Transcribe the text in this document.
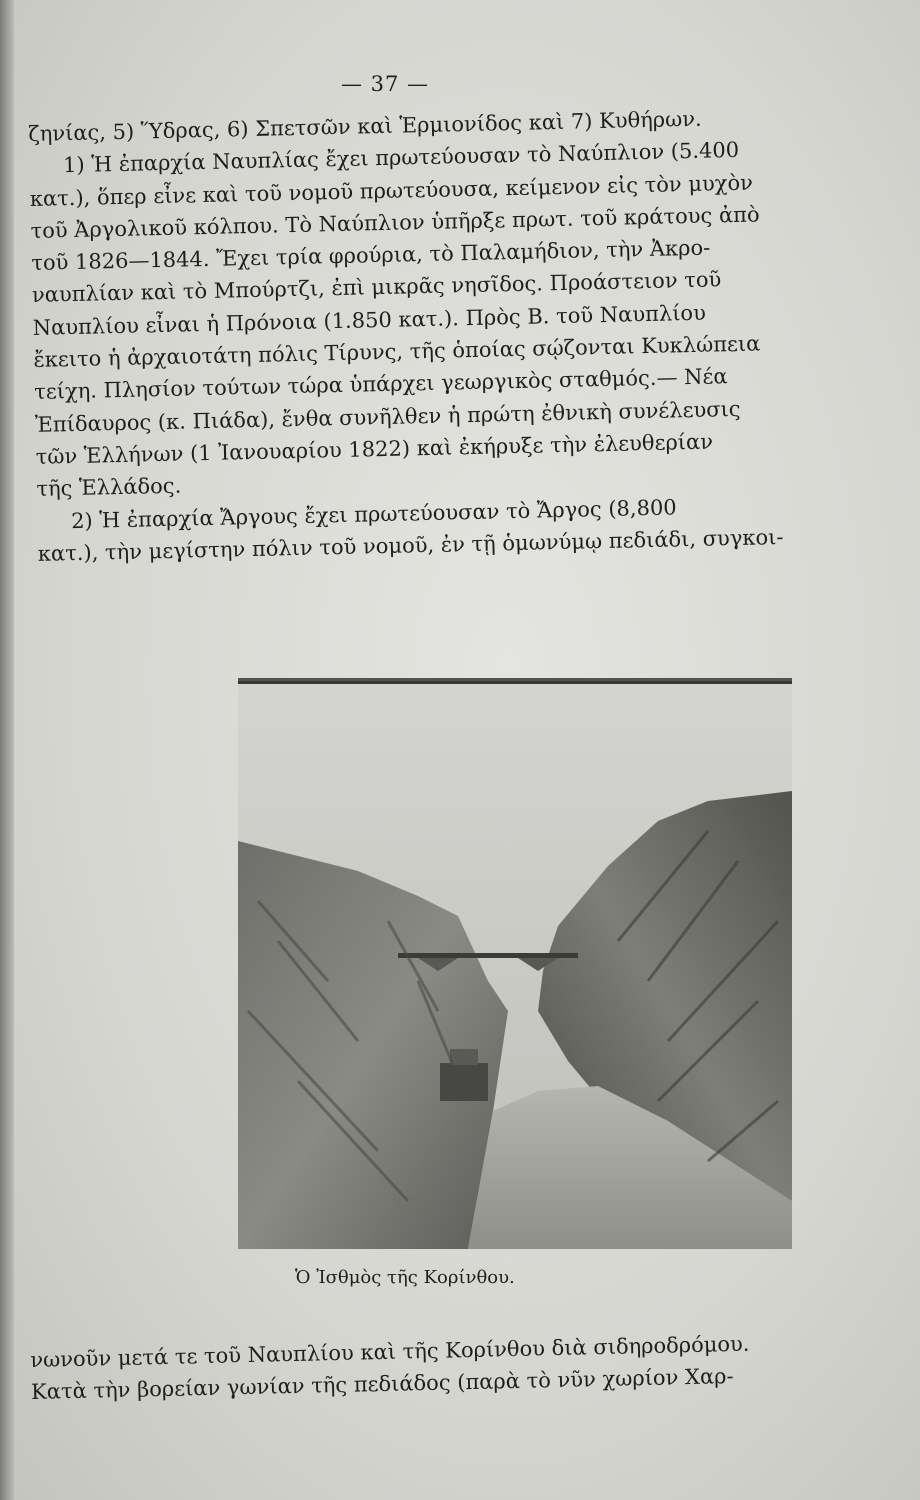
— 37 —
ζηνίας, 5) Ὕδρας, 6) Σπετσῶν καὶ Ἑρμιονίδος καὶ 7) Κυθήρων.
1) Ἡ ἐπαρχία Ναυπλίας ἔχει πρωτεύουσαν τὸ Ναύπλιον (5.400
κατ.), ὅπερ εἶνε καὶ τοῦ νομοῦ πρωτεύουσα, κείμενον εἰς τὸν μυχὸν
τοῦ Ἀργολικοῦ κόλπου. Τὸ Ναύπλιον ὑπῆρξε πρωτ. τοῦ κράτους ἀπὸ
τοῦ 1826—1844. Ἔχει τρία φρούρια, τὸ Παλαμήδιον, τὴν Ἀκρο-
ναυπλίαν καὶ τὸ Μπούρτζι, ἐπὶ μικρᾶς νησῖδος. Προάστειον τοῦ
Ναυπλίου εἶναι ἡ Πρόνοια (1.850 κατ.). Πρὸς Β. τοῦ Ναυπλίου
ἔκειτο ἡ ἀρχαιοτάτη πόλις Τίρυνς, τῆς ὁποίας σῴζονται Κυκλώπεια
τείχη. Πλησίον τούτων τώρα ὑπάρχει γεωργικὸς σταθμός.— Νέα
Ἐπίδαυρος (κ. Πιάδα), ἔνθα συνῆλθεν ἡ πρώτη ἐθνικὴ συνέλευσις
τῶν Ἑλλήνων (1 Ἰανουαρίου 1822) καὶ ἐκήρυξε τὴν ἐλευθερίαν
τῆς Ἑλλάδος.
2) Ἡ ἐπαρχία Ἄργους ἔχει πρωτεύουσαν τὸ Ἄργος (8,800
κατ.), τὴν μεγίστην πόλιν τοῦ νομοῦ, ἐν τῇ ὁμωνύμῳ πεδιάδι, συγκοι-
Ὁ Ἰσθμὸς τῆς Κορίνθου.
νωνοῦν μετά τε τοῦ Ναυπλίου καὶ τῆς Κορίνθου διὰ σιδηροδρόμου.
Κατὰ τὴν βορείαν γωνίαν τῆς πεδιάδος (παρὰ τὸ νῦν χωρίον Χαρ-
